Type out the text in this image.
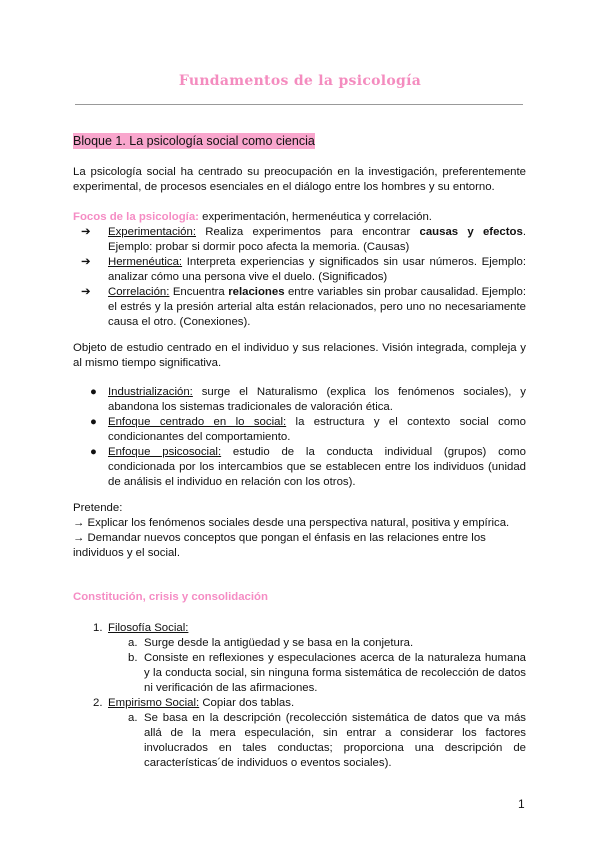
Fundamentos de la psicología
Bloque 1. La psicología social como ciencia
La psicología social ha centrado su preocupación en la investigación, preferentemente experimental, de procesos esenciales en el diálogo entre los hombres y su entorno.
Focos de la psicología: experimentación, hermenéutica y correlación.
➔ Experimentación: Realiza experimentos para encontrar causas y efectos. Ejemplo: probar si dormir poco afecta la memoria. (Causas)
➔ Hermenéutica: Interpreta experiencias y significados sin usar números. Ejemplo: analizar cómo una persona vive el duelo. (Significados)
➔ Correlación: Encuentra relaciones entre variables sin probar causalidad. Ejemplo: el estrés y la presión arterial alta están relacionados, pero uno no necesariamente causa el otro. (Conexiones).
Objeto de estudio centrado en el individuo y sus relaciones. Visión integrada, compleja y al mismo tiempo significativa.
● Industrialización: surge el Naturalismo (explica los fenómenos sociales), y abandona los sistemas tradicionales de valoración ética.
● Enfoque centrado en lo social: la estructura y el contexto social como condicionantes del comportamiento.
● Enfoque psicosocial: estudio de la conducta individual (grupos) como condicionada por los intercambios que se establecen entre los individuos (unidad de análisis el individuo en relación con los otros).
Pretende:
→ Explicar los fenómenos sociales desde una perspectiva natural, positiva y empírica.
→ Demandar nuevos conceptos que pongan el énfasis en las relaciones entre los individuos y el social.
Constitución, crisis y consolidación
1. Filosofía Social:
a. Surge desde la antigüedad y se basa en la conjetura.
b. Consiste en reflexiones y especulaciones acerca de la naturaleza humana y la conducta social, sin ninguna forma sistemática de recolección de datos ni verificación de las afirmaciones.
2. Empirismo Social: Copiar dos tablas.
a. Se basa en la descripción (recolección sistemática de datos que va más allá de la mera especulación, sin entrar a considerar los factores involucrados en tales conductas; proporciona una descripción de características´de individuos o eventos sociales).
1
